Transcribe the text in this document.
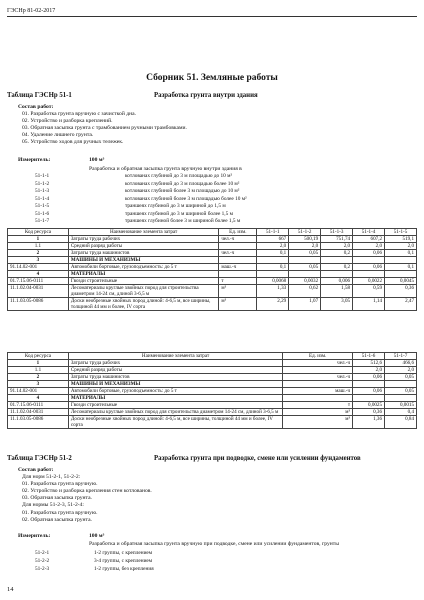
ГЭСНр 81-02-2017
Сборник 51. Земляные работы
Таблица ГЭСНр 51-1	Разработка грунта внутри здания
Состав работ:
01. Разработка грунта вручную с зачисткой дна.
02. Устройство и разборка креплений.
03. Обратная засыпка грунта с трамбованием ручными трамбовками.
04. Удаление лишнего грунта.
05. Устройство ходов для ручных тележек.
Измеритель:	100 м³
Разработка и обратная засыпка грунта вручную внутри здания в
51-1-1	котлованах глубиной до 3 м площадью до 10 м²
51-1-2	котлованах глубиной до 3 м площадью более 10 м²
51-1-3	котлованах глубиной более 3 м площадью до 10 м²
51-1-4	котлованах глубиной более 3 м площадью более 10 м²
51-1-5	траншеях глубиной до 3 м шириной до 1,5 м
51-1-6	траншеях глубиной до 3 м шириной более 1,5 м
51-1-7	траншеях глубиной более 3 м шириной более 1,5 м
Код ресурса	Наименование элемента затрат	Ед. изм.	51-1-1	51-1-2	51-1-3	51-1-4	51-1-5
1	Затраты труда рабочих	чел.-ч	667	500,19	751,74	607,2	519,1
1.1	Средний разряд работы		2,0	2,0	2,0	2,0	2,0
2	Затраты труда машинистов	чел.-ч	0,1	0,05	0,2	0,06	0,1
3	МАШИНЫ И МЕХАНИЗМЫ						
91.14.02-001	Автомобили бортовые, грузоподъемность: до 5 т	маш.-ч	0,1	0,05	0,2	0,06	0,1
4	МАТЕРИАЛЫ						
01.7.15.06-0111	Гвозди строительные	т	0,0068	0,0032	0,006	0,0022	0,0045
11.1.02.04-0031	Лесоматериалы круглые хвойных пород для строительства диаметром 14-24 см, длиной 3-6,5 м	м³	1,33	0,62	1,58	0,59	0,36
11.1.03.05-0086	Доски необрезные хвойных пород длиной: 4-6,5 м, все ширины, толщиной 44 мм и более, IV сорта	м³	2,29	1,07	3,05	1,14	2,47
Код ресурса	Наименование элемента затрат	Ед. изм.	51-1-6	51-1-7
1	Затраты труда рабочих	чел.-ч	512,6	466,6
1.1	Средний разряд работы		2,0	2,0
2	Затраты труда машинистов	чел.-ч	0,06	0,05
3	МАШИНЫ И МЕХАНИЗМЫ			
91.14.02-001	Автомобили бортовые, грузоподъемность: до 5 т	маш.-ч	0,06	0,05
4	МАТЕРИАЛЫ			
01.7.15.06-0111	Гвозди строительные	т	0,0025	0,0015
11.1.02.04-0031	Лесоматериалы круглые хвойных пород для строительства диаметром 14-24 см, длиной 3-6,5 м	м³	0,36	0,4
11.1.03.05-0086	Доски необрезные хвойных пород длиной: 4-6,5 м, все ширины, толщиной 44 мм и более, IV сорта	м³	1,36	0,84
Таблица ГЭСНр 51-2	Разработка грунта при подводке, смене или усилении фундаментов
Состав работ:
Для норм 51-2-1, 51-2-2:
01. Разработка грунта вручную.
02. Устройство и разборка крепления стен котлованов.
03. Обратная засыпка грунта.
Для нормы 51-2-3, 51-2-4:
01. Разработка грунта вручную.
02. Обратная засыпка грунта.
Измеритель:	100 м³
Разработка и обратная засыпка грунта вручную при подводке, смене или усилении фундаментов, грунты
51-2-1	1-2 группы, с креплением
51-2-2	3-4 группы, с креплением
51-2-3	1-2 группы, без крепления
14
